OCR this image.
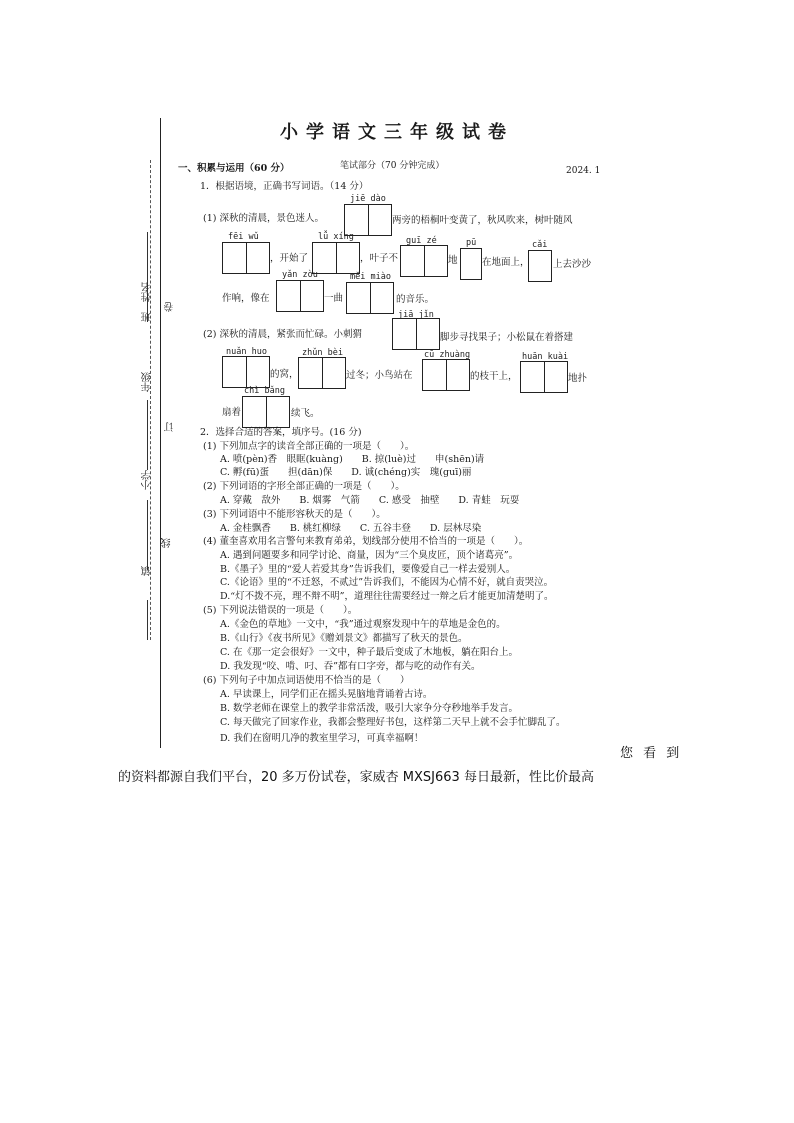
班　姓名 卷
年级
订
小学
线
镇
小学语文三年级试卷
笔试部分（70 分钟完成）	2024. 1
一、积累与运用（60 分）
1．根据语境，正确书写词语。（14 分）
(1) 深秋的清晨，景色迷人。
jiē dào
两旁的梧桐叶变黄了，秋风吹来，树叶随风
fēi wǔ
，开始了
lǚ xíng
，叶子不
guī zé
地
pū
在地面上，
cǎi
上去沙沙
作响，像在
yǎn zòu
一曲
měi miào
的音乐。
(2) 深秋的清晨，紧张而忙碌。小刺猬
jiā jǐn
脚步寻找果子；小松鼠在着搭建
nuǎn huo
的窝，
zhǔn bèi
过冬；小鸟站在
cū zhuàng
的枝干上，
huān kuài
地扑
扇着
chì bǎng
续飞。
2．选择合适的答案，填序号。(16 分)
(1) 下列加点字的读音全部正确的一项是（　　）。
A. 喷(pèn)香　眼眶(kuàng)　　B. 掠(luè)过　　申(shēn)请
C. 孵(fū)蛋　　担(dān)保　　D. 诚(chéng)实　瑰(guī)丽
(2) 下列词语的字形全部正确的一项是（　　）。
A. 穿戴　敌外　　B. 烟雾　气箭　　C. 感受　抽壁　　D. 青蛙　玩耍
(3) 下列词语中不能形容秋天的是（　　）。
A. 金桂飘香　　B. 桃红柳绿　　C. 五谷丰登　　D. 层林尽染
(4) 董奎喜欢用名言警句来教育弟弟，划线部分使用不恰当的一项是（　　）。
A. 遇到问题要多和同学讨论、商量，因为“三个臭皮匠，顶个诸葛亮”。
B.《墨子》里的“爱人若爱其身”告诉我们，要像爱自己一样去爱别人。
C.《论语》里的“不迁怒，不贰过”告诉我们，不能因为心情不好，就自责哭泣。
D.“灯不拨不亮，理不辩不明”，道理往往需要经过一辩之后才能更加清楚明了。
(5) 下列说法错误的一项是（　　）。
A.《金色的草地》一文中，“我”通过观察发现中午的草地是金色的。
B.《山行》《夜书所见》《赠刘景文》都描写了秋天的景色。
C. 在《那一定会很好》一文中，种子最后变成了木地板，躺在阳台上。
D. 我发现“咬、啃、叼、吞”都有口字旁，都与吃的动作有关。
(6) 下列句子中加点词语使用不恰当的是（　　）
A. 早读课上，同学们正在摇头晃脑地背诵着古诗。
B. 数学老师在课堂上的教学非常活泼，吸引大家争分夺秒地举手发言。
C. 每天做完了回家作业，我都会整理好书包，这样第二天早上就不会手忙脚乱了。
D. 我们在窗明几净的教室里学习，可真幸福啊！
您 看 到
的资料都源自我们平台，20 多万份试卷，家威杏 MXSJ663 每日最新，性比价最高
